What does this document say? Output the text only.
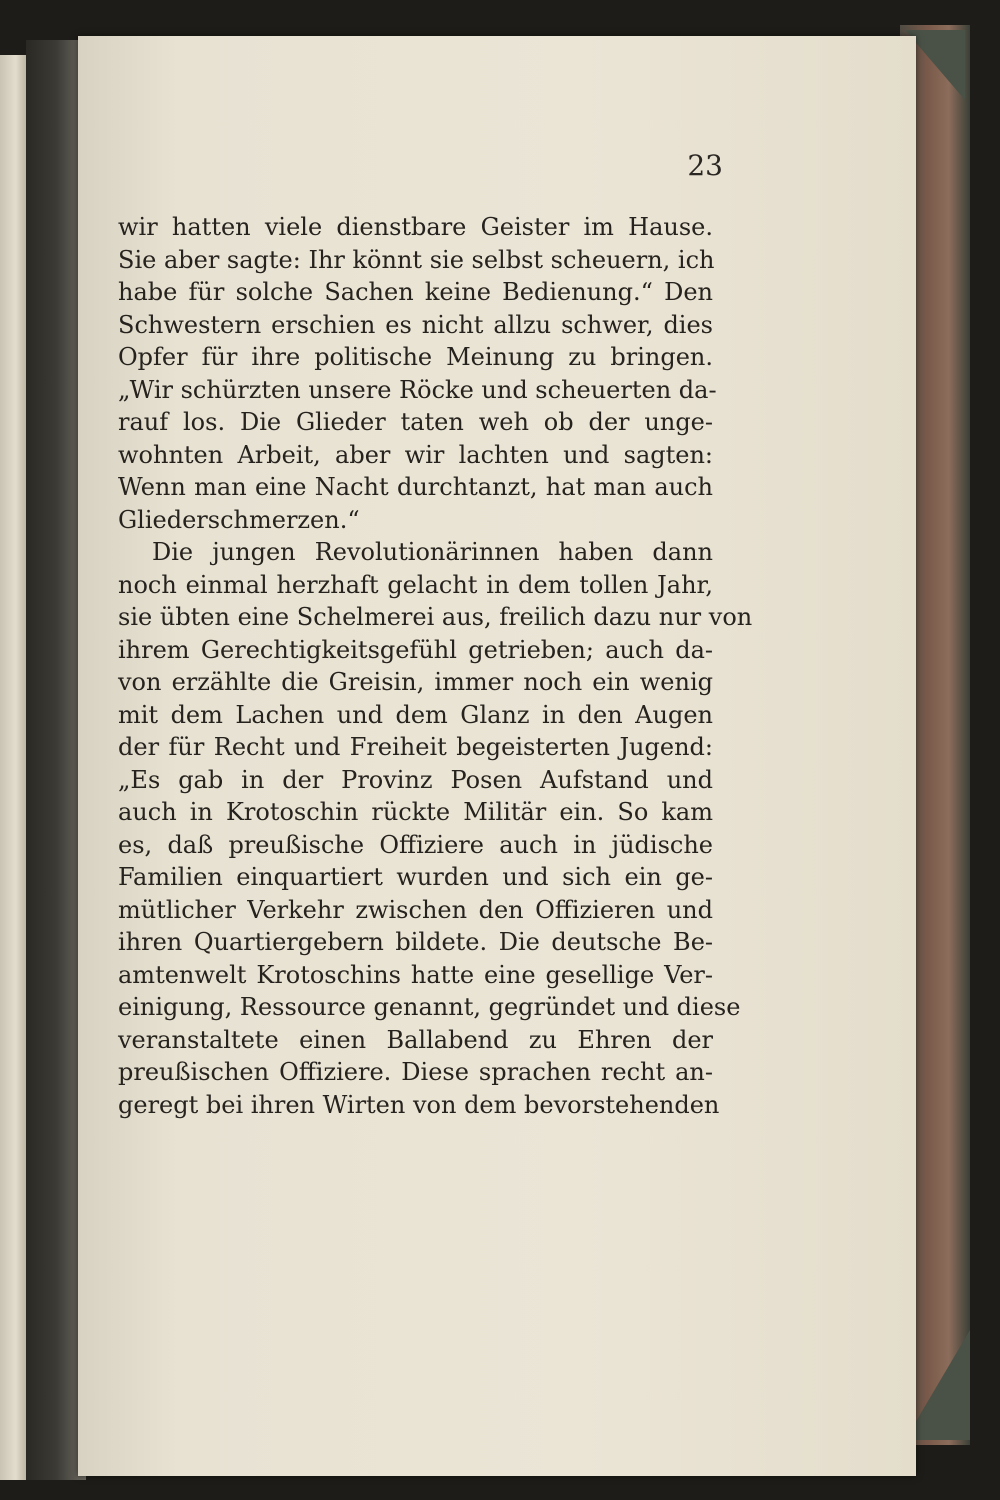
23
wir hatten viele dienstbare Geister im Hause.
Sie aber sagte: Ihr könnt sie selbst scheuern, ich
habe für solche Sachen keine Bedienung.“ Den
Schwestern erschien es nicht allzu schwer, dies
Opfer für ihre politische Meinung zu bringen.
„Wir schürzten unsere Röcke und scheuerten da-
rauf los. Die Glieder taten weh ob der unge-
wohnten Arbeit, aber wir lachten und sagten:
Wenn man eine Nacht durchtanzt, hat man auch
Gliederschmerzen.“
Die jungen Revolutionärinnen haben dann
noch einmal herzhaft gelacht in dem tollen Jahr,
sie übten eine Schelmerei aus, freilich dazu nur von
ihrem Gerechtigkeitsgefühl getrieben; auch da-
von erzählte die Greisin, immer noch ein wenig
mit dem Lachen und dem Glanz in den Augen
der für Recht und Freiheit begeisterten Jugend:
„Es gab in der Provinz Posen Aufstand und
auch in Krotoschin rückte Militär ein. So kam
es, daß preußische Offiziere auch in jüdische
Familien einquartiert wurden und sich ein ge-
mütlicher Verkehr zwischen den Offizieren und
ihren Quartiergebern bildete. Die deutsche Be-
amtenwelt Krotoschins hatte eine gesellige Ver-
einigung, Ressource genannt, gegründet und diese
veranstaltete einen Ballabend zu Ehren der
preußischen Offiziere. Diese sprachen recht an-
geregt bei ihren Wirten von dem bevorstehenden
